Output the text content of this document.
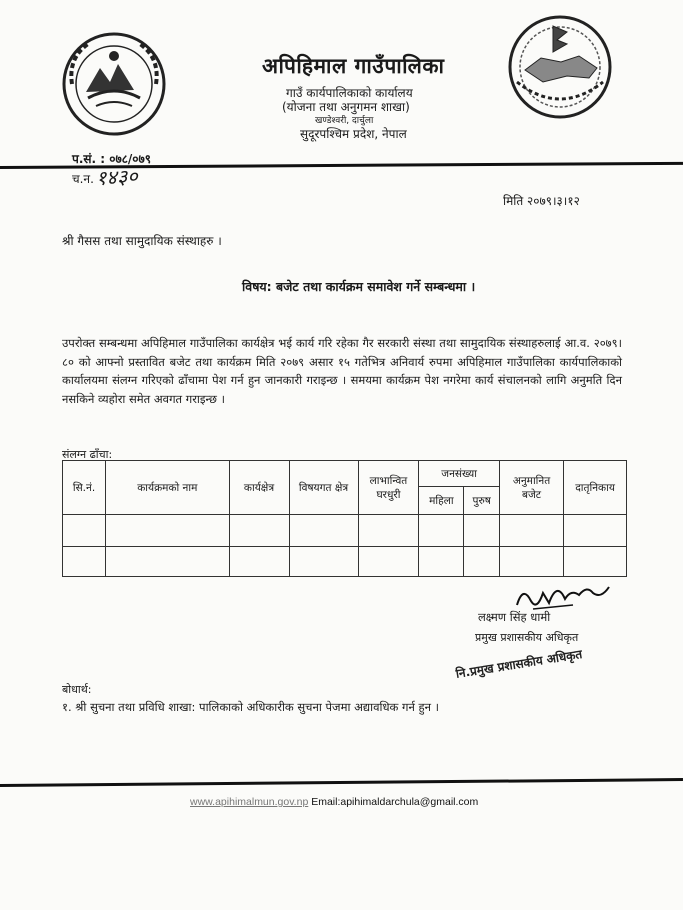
अपिहिमाल गाउँपालिका
गाउँ कार्यपालिकाको कार्यालय
(योजना तथा अनुगमन शाखा)
खण्डेश्वरी, दार्चुला
सुदूरपश्चिम प्रदेश, नेपाल
प.सं. : ०७८/०७९
च.न. १४३०
मिति २०७९।३।१२
श्री गैसस तथा सामुदायिक संस्थाहरु ।
विषय: बजेट तथा कार्यक्रम समावेश गर्ने सम्बन्धमा ।
उपरोक्त सम्बन्धमा अपिहिमाल गाउँपालिका कार्यक्षेत्र भई कार्य गरि रहेका गैर सरकारी संस्था तथा सामुदायिक संस्थाहरुलाई आ.व. २०७९।८० को आफ्नो प्रस्तावित बजेट तथा कार्यक्रम मिति २०७९ असार १५ गतेभित्र अनिवार्य रुपमा अपिहिमाल गाउँपालिका कार्यपालिकाको कार्यालयमा संलग्न गरिएको ढाँचामा पेश गर्न हुन जानकारी गराइन्छ । समयमा कार्यक्रम पेश नगरेमा कार्य संचालनको लागि अनुमति दिन नसकिने व्यहोरा समेत अवगत गराइन्छ ।
संलग्न ढाँचा:
सि.नं.	कार्यक्रमको नाम	कार्यक्षेत्र	विषयगत क्षेत्र	लाभान्वित घरधुरी	जनसंख्या		अनुमानित बजेट	दातृनिकाय
					महिला	पुरुष		

लक्ष्मण सिंह धामी
प्रमुख प्रशासकीय अधिकृत
नि.प्रमुख प्रशासकीय अधिकृत
बोधार्थ:
१. श्री सुचना तथा प्रविधि शाखा: पालिकाको अधिकारीक सुचना पेजमा अद्यावधिक गर्न हुन ।
www.apihimalmun.gov.np Email:apihimaldarchula@gmail.com
